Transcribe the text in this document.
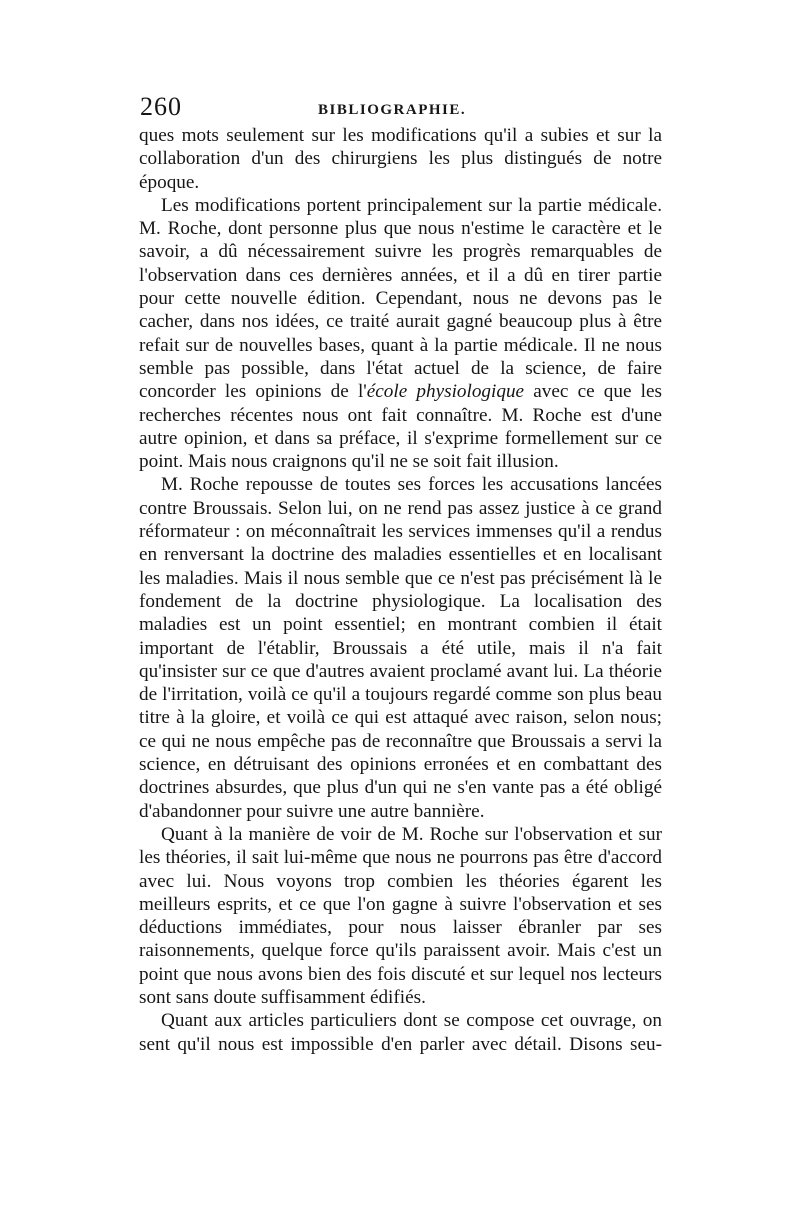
260	BIBLIOGRAPHIE.

ques mots seulement sur les modifications qu'il a subies et sur la collaboration d'un des chirurgiens les plus distingués de notre époque.

Les modifications portent principalement sur la partie médicale. M. Roche, dont personne plus que nous n'estime le caractère et le savoir, a dû nécessairement suivre les progrès remarquables de l'observation dans ces dernières années, et il a dû en tirer partie pour cette nouvelle édition. Cependant, nous ne devons pas le cacher, dans nos idées, ce traité aurait gagné beaucoup plus à être refait sur de nouvelles bases, quant à la partie médicale. Il ne nous semble pas possible, dans l'état actuel de la science, de faire concorder les opinions de l'école physiologique avec ce que les recherches récentes nous ont fait connaître. M. Roche est d'une autre opinion, et dans sa préface, il s'exprime formellement sur ce point. Mais nous craignons qu'il ne se soit fait illusion.

M. Roche repousse de toutes ses forces les accusations lancées contre Broussais. Selon lui, on ne rend pas assez justice à ce grand réformateur : on méconnaîtrait les services immenses qu'il a rendus en renversant la doctrine des maladies essentielles et en localisant les maladies. Mais il nous semble que ce n'est pas précisément là le fondement de la doctrine physiologique. La localisation des maladies est un point essentiel; en montrant combien il était important de l'établir, Broussais a été utile, mais il n'a fait qu'insister sur ce que d'autres avaient proclamé avant lui. La théorie de l'irritation, voilà ce qu'il a toujours regardé comme son plus beau titre à la gloire, et voilà ce qui est attaqué avec raison, selon nous; ce qui ne nous empêche pas de reconnaître que Broussais a servi la science, en détruisant des opinions erronées et en combattant des doctrines absurdes, que plus d'un qui ne s'en vante pas a été obligé d'abandonner pour suivre une autre bannière.

Quant à la manière de voir de M. Roche sur l'observation et sur les théories, il sait lui-même que nous ne pourrons pas être d'accord avec lui. Nous voyons trop combien les théories égarent les meilleurs esprits, et ce que l'on gagne à suivre l'observation et ses déductions immédiates, pour nous laisser ébranler par ses raisonnements, quelque force qu'ils paraissent avoir. Mais c'est un point que nous avons bien des fois discuté et sur lequel nos lecteurs sont sans doute suffisamment édifiés.

Quant aux articles particuliers dont se compose cet ouvrage, on sent qu'il nous est impossible d'en parler avec détail. Disons seu-
